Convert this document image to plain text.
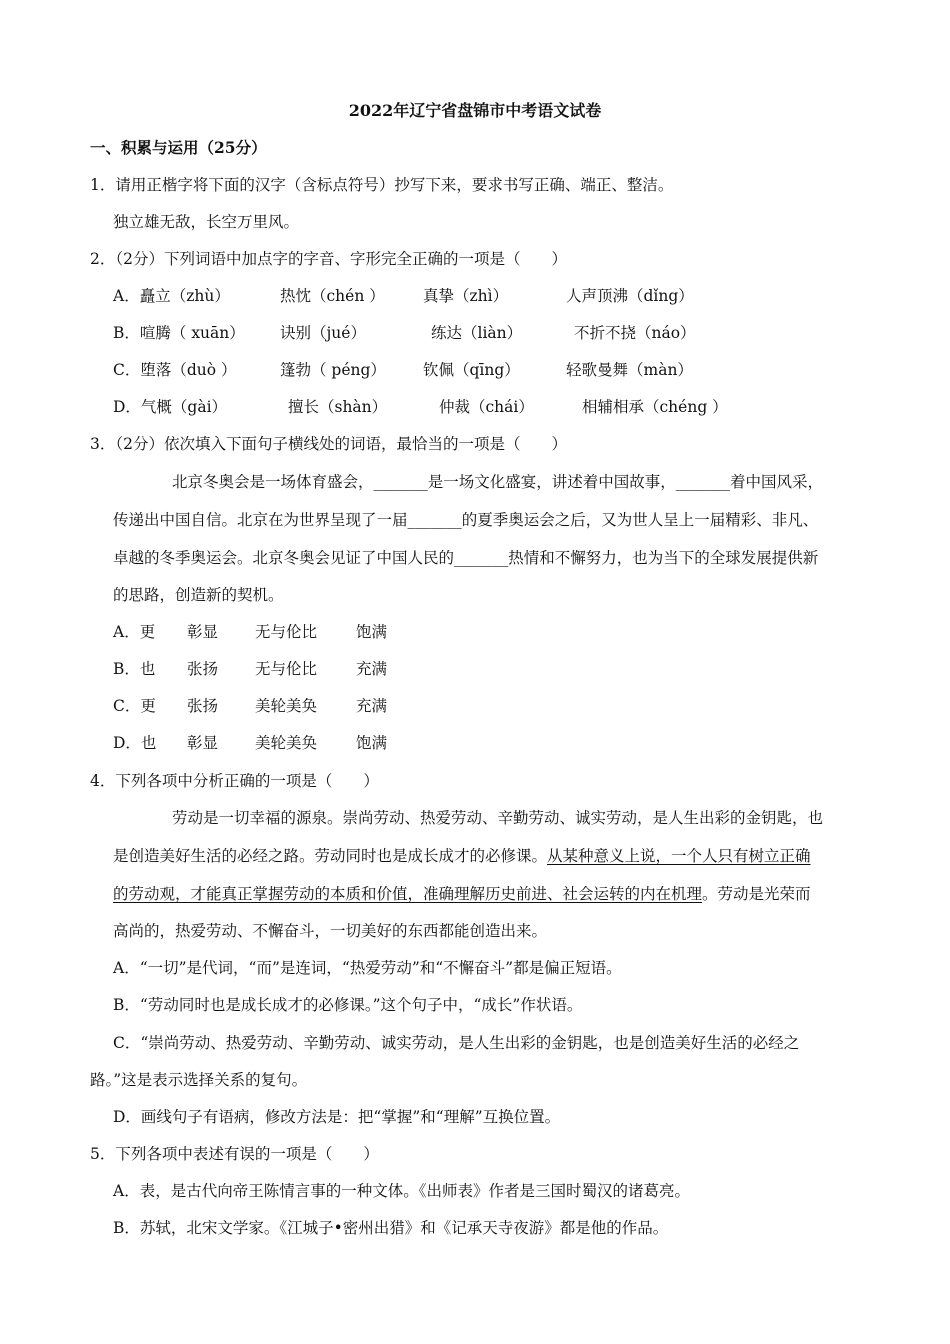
2022年辽宁省盘锦市中考语文试卷
一、积累与运用（25分）
1．请用正楷字将下面的汉字（含标点符号）抄写下来，要求书写正确、端正、整洁。
独立雄无敌，长空万里风。
2．（2分）下列词语中加点字的字音、字形完全正确的一项是（　　）
A．矗立（zhù）	热忱（chén ） 真挚（zhì）	人声顶沸（dǐng）
B．喧腾（ xuān） 诀别（jué）	练达（liàn）	不折不挠（náo）
C．堕落（duò ）	篷勃（ péng） 钦佩（qīng）	轻歌曼舞（màn）
D．气概（gài）	擅长（shàn）	仲裁（chái）	相辅相承（chéng ）
3．（2分）依次填入下面句子横线处的词语，最恰当的一项是（　　）
北京冬奥会是一场体育盛会，_______是一场文化盛宴，讲述着中国故事，_______着中国风采，
传递出中国自信。北京在为世界呈现了一届_______的夏季奥运会之后，又为世人呈上一届精彩、非凡、
卓越的冬季奥运会。北京冬奥会见证了中国人民的_______热情和不懈努力，也为当下的全球发展提供新
的思路，创造新的契机。
A．更 彰显 无与伦比	饱满
B．也 张扬 无与伦比	充满
C．更 张扬 美轮美奂	充满
D．也 彰显 美轮美奂	饱满
4．下列各项中分析正确的一项是（　　）
劳动是一切幸福的源泉。崇尚劳动、热爱劳动、辛勤劳动、诚实劳动，是人生出彩的金钥匙，也
是创造美好生活的必经之路。劳动同时也是成长成才的必修课。从某种意义上说，一个人只有树立正确
的劳动观，才能真正掌握劳动的本质和价值，准确理解历史前进、社会运转的内在机理。劳动是光荣而
高尚的，热爱劳动、不懈奋斗，一切美好的东西都能创造出来。
A．“一切”是代词，“而”是连词，“热爱劳动”和“不懈奋斗”都是偏正短语。
B．“劳动同时也是成长成才的必修课。”这个句子中，“成长”作状语。
C．“崇尚劳动、热爱劳动、辛勤劳动、诚实劳动，是人生出彩的金钥匙，也是创造美好生活的必经之
路。”这是表示选择关系的复句。
D．画线句子有语病，修改方法是：把“掌握”和“理解”互换位置。
5．下列各项中表述有误的一项是（　　）
A．表，是古代向帝王陈情言事的一种文体。《出师表》作者是三国时蜀汉的诸葛亮。
B．苏轼，北宋文学家。《江城子•密州出猎》和《记承天寺夜游》都是他的作品。
